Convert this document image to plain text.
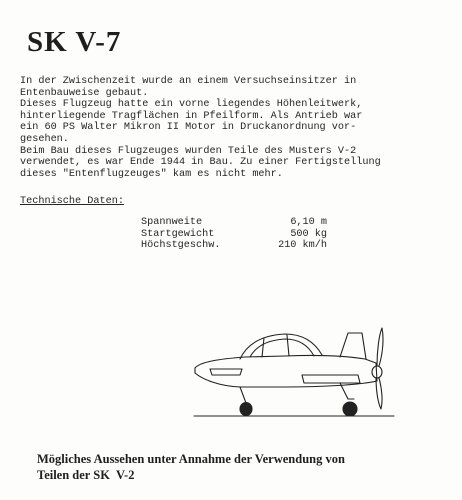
SK V-7

In der Zwischenzeit wurde an einem Versuchseinsitzer in
Entenbauweise gebaut.

Dieses Flugzeug hatte ein vorne liegendes Höhenleitwerk,
hinterliegende Tragflächen in Pfeilform. Als Antrieb war
ein 60 PS Walter Mikron II Motor in Druckanordnung vor-
gesehen.

Beim Bau dieses Flugzeuges wurden Teile des Musters V-2
verwendet, es war Ende 1944 in Bau. Zu einer Fertigstellung
dieses "Entenflugzeuges" kam es nicht mehr.

Technische Daten:

Spannweite	6,10 m
Startgewicht	500 kg
Höchstgeschw.	210 km/h

Mögliches Aussehen unter Annahme der Verwendung von
Teilen der SK  V-2
